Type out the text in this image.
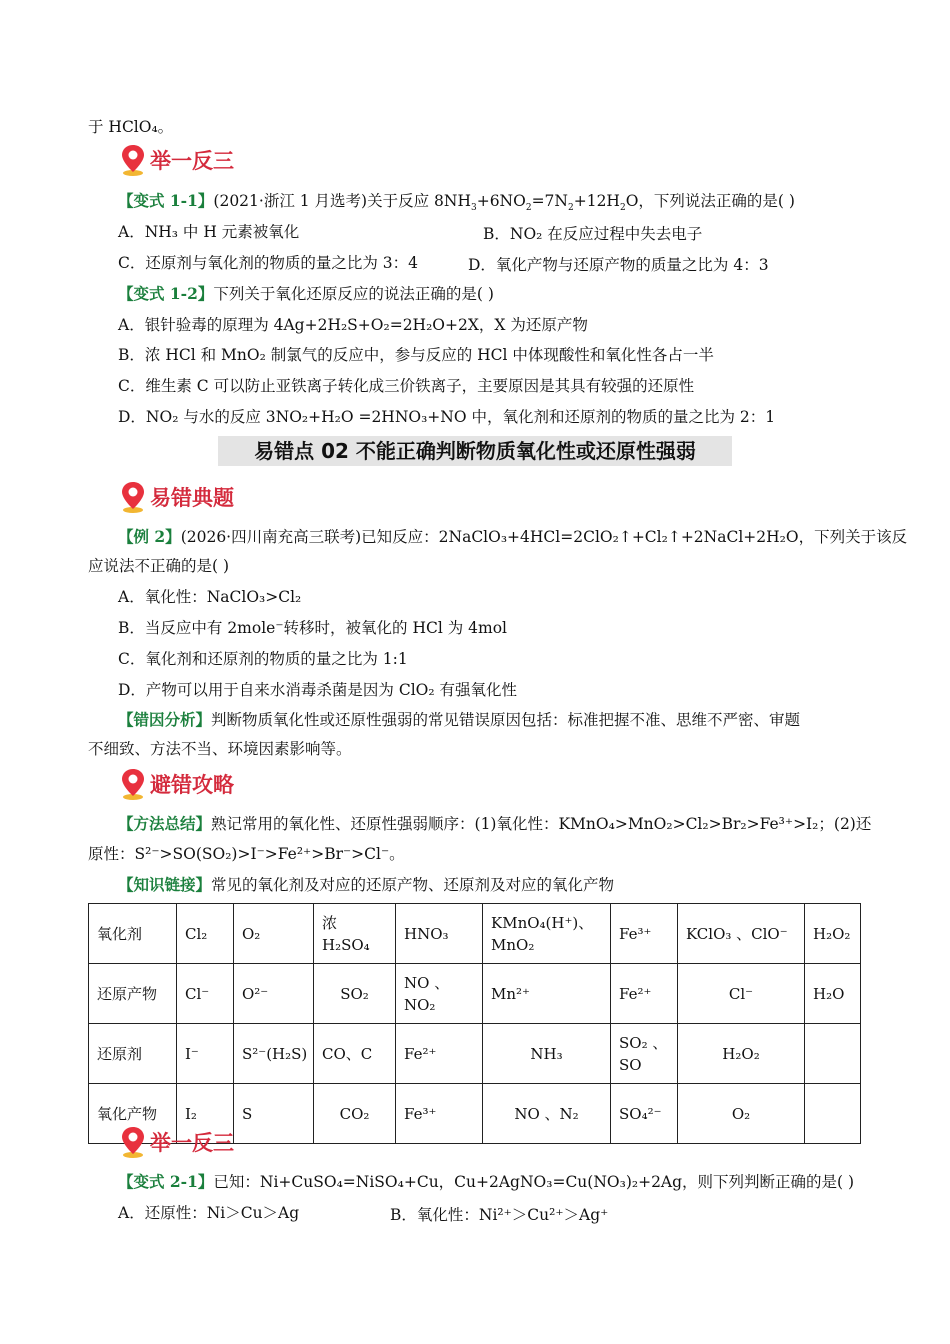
于 HClO₄。
举一反三
【变式 1-1】(2021·浙江 1 月选考)关于反应 $8NH_3+6NO_2=7N_2+12H_2O$，下列说法正确的是( )
A．NH₃ 中 H 元素被氧化	B．NO₂ 在反应过程中失去电子
C．还原剂与氧化剂的物质的量之比为 3：4	D．氧化产物与还原产物的质量之比为 4：3
【变式 1-2】下列关于氧化还原反应的说法正确的是( )
A．银针验毒的原理为 4Ag+2H₂S+O₂=2H₂O+2X，X 为还原产物
B．浓 HCl 和 MnO₂ 制氯气的反应中，参与反应的 HCl 中体现酸性和氧化性各占一半
C．维生素 C 可以防止亚铁离子转化成三价铁离子，主要原因是其具有较强的还原性
D．NO₂ 与水的反应 3NO₂+H₂O =2HNO₃+NO 中，氧化剂和还原剂的物质的量之比为 2：1
易错点 02 不能正确判断物质氧化性或还原性强弱
易错典题
【例 2】(2026·四川南充高三联考)已知反应：2NaClO₃+4HCl=2ClO₂↑+Cl₂↑+2NaCl+2H₂O，下列关于该反
应说法不正确的是( )
A．氧化性：NaClO₃>Cl₂
B．当反应中有 2mole⁻转移时，被氧化的 HCl 为 4mol
C．氧化剂和还原剂的物质的量之比为 1:1
D．产物可以用于自来水消毒杀菌是因为 ClO₂ 有强氧化性
【错因分析】判断物质氧化性或还原性强弱的常见错误原因包括：标准把握不准、思维不严密、审题
不细致、方法不当、环境因素影响等。
避错攻略
【方法总结】熟记常用的氧化性、还原性强弱顺序：(1)氧化性：KMnO₄>MnO₂>Cl₂>Br₂>Fe³⁺>I₂；(2)还
原性：S²⁻>SO(SO₂)>I⁻>Fe²⁺>Br⁻>Cl⁻。
【知识链接】常见的氧化剂及对应的还原产物、还原剂及对应的氧化产物
氧化剂	Cl₂	O₂	浓 H₂SO₄	HNO₃	KMnO₄(H⁺)、MnO₂	Fe³⁺	KClO₃ 、ClO⁻	H₂O₂
还原产物	Cl⁻	O²⁻	SO₂	NO 、NO₂	Mn²⁺	Fe²⁺	Cl⁻	H₂O
还原剂	I⁻	S²⁻(H₂S)	CO、C	Fe²⁺	NH₃	SO₂ 、SO	H₂O₂	
氧化产物	I₂	S	CO₂	Fe³⁺	NO 、N₂	SO₄²⁻	O₂	
举一反三
【变式 2-1】已知：Ni+CuSO₄=NiSO₄+Cu，Cu+2AgNO₃=Cu(NO₃)₂+2Ag，则下列判断正确的是( )
A．还原性：Ni＞Cu＞Ag	B．氧化性：Ni²⁺＞Cu²⁺＞Ag⁺
